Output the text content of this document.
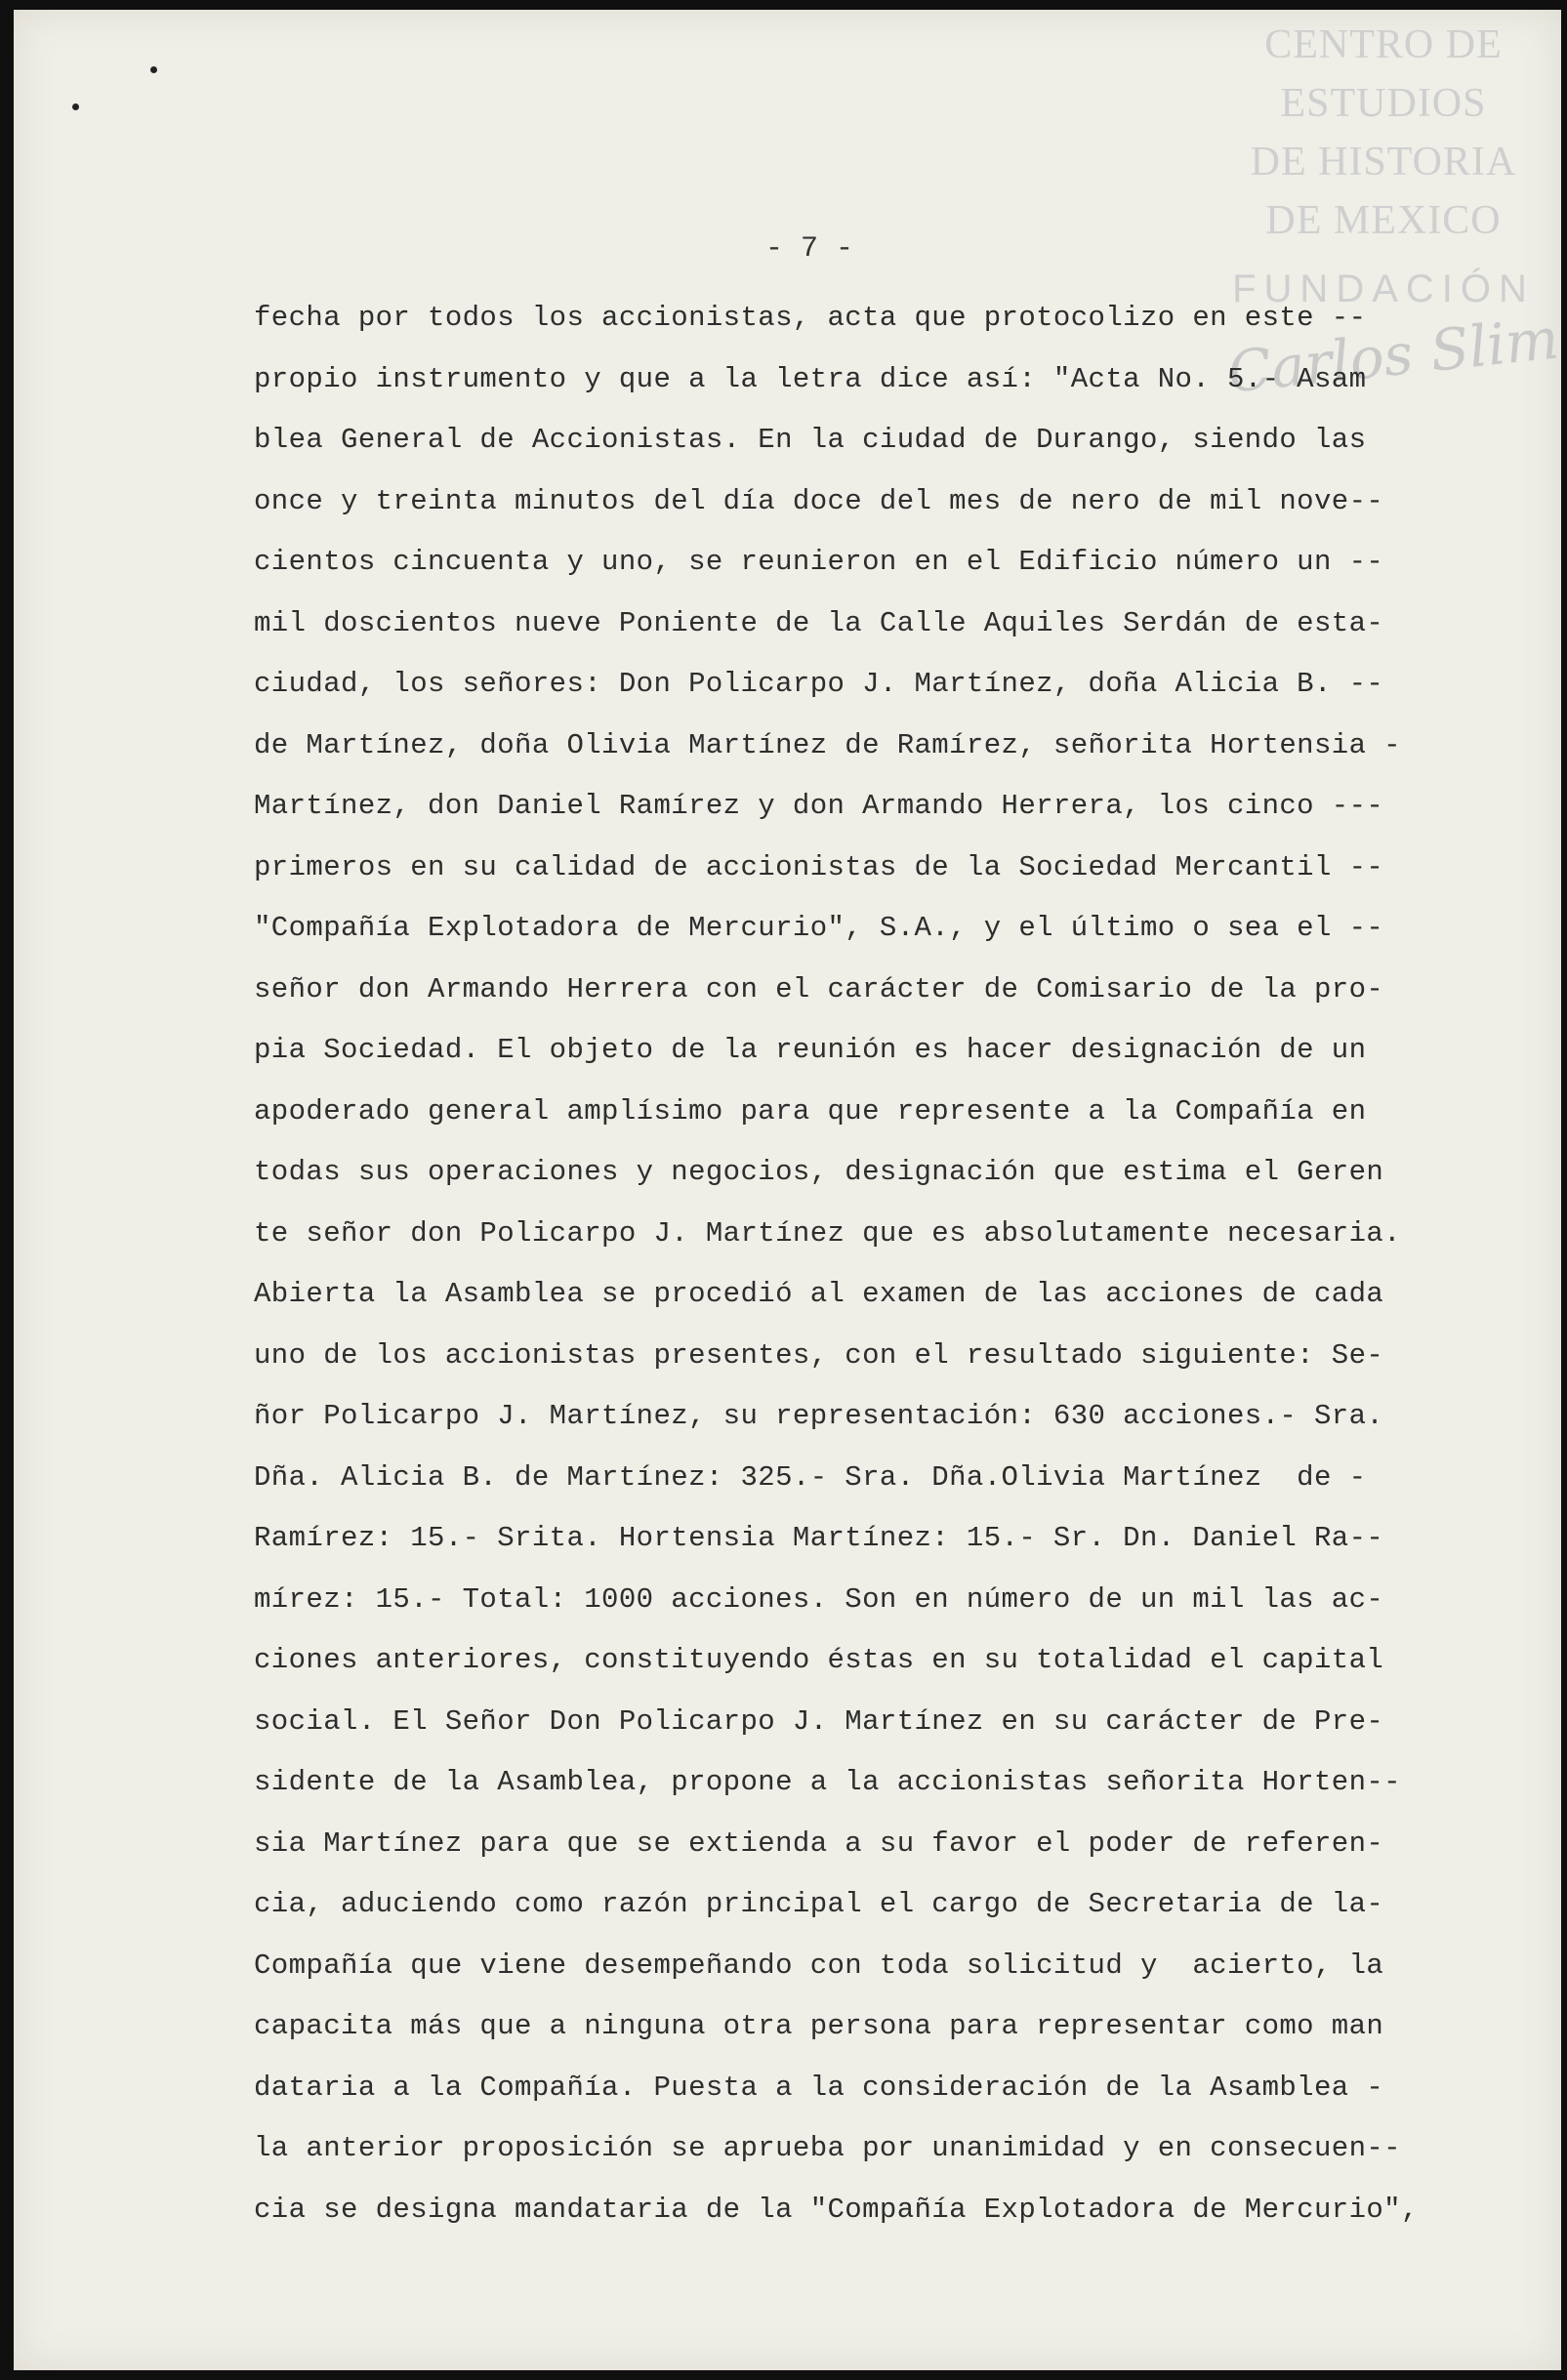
CENTRO DE
ESTUDIOS
DE HISTORIA
DE MEXICO
FUNDACIÓN
Carlos Slim
- 7 -
fecha por todos los accionistas, acta que protocolizo en este --
propio instrumento y que a la letra dice así: "Acta No. 5.- Asam
blea General de Accionistas. En la ciudad de Durango, siendo las
once y treinta minutos del día doce del mes de nero de mil nove--
cientos cincuenta y uno, se reunieron en el Edificio número un --
mil doscientos nueve Poniente de la Calle Aquiles Serdán de esta-
ciudad, los señores: Don Policarpo J. Martínez, doña Alicia B. --
de Martínez, doña Olivia Martínez de Ramírez, señorita Hortensia -
Martínez, don Daniel Ramírez y don Armando Herrera, los cinco ---
primeros en su calidad de accionistas de la Sociedad Mercantil --
"Compañía Explotadora de Mercurio", S.A., y el último o sea el --
señor don Armando Herrera con el carácter de Comisario de la pro-
pia Sociedad. El objeto de la reunión es hacer designación de un
apoderado general amplísimo para que represente a la Compañía en
todas sus operaciones y negocios, designación que estima el Geren
te señor don Policarpo J. Martínez que es absolutamente necesaria.
Abierta la Asamblea se procedió al examen de las acciones de cada
uno de los accionistas presentes, con el resultado siguiente: Se-
ñor Policarpo J. Martínez, su representación: 630 acciones.- Sra.
Dña. Alicia B. de Martínez: 325.- Sra. Dña.Olivia Martínez  de -
Ramírez: 15.- Srita. Hortensia Martínez: 15.- Sr. Dn. Daniel Ra--
mírez: 15.- Total: 1000 acciones. Son en número de un mil las ac-
ciones anteriores, constituyendo éstas en su totalidad el capital
social. El Señor Don Policarpo J. Martínez en su carácter de Pre-
sidente de la Asamblea, propone a la accionistas señorita Horten--
sia Martínez para que se extienda a su favor el poder de referen-
cia, aduciendo como razón principal el cargo de Secretaria de la-
Compañía que viene desempeñando con toda solicitud y  acierto, la
capacita más que a ninguna otra persona para representar como man
dataria a la Compañía. Puesta a la consideración de la Asamblea -
la anterior proposición se aprueba por unanimidad y en consecuen--
cia se designa mandataria de la "Compañía Explotadora de Mercurio",
